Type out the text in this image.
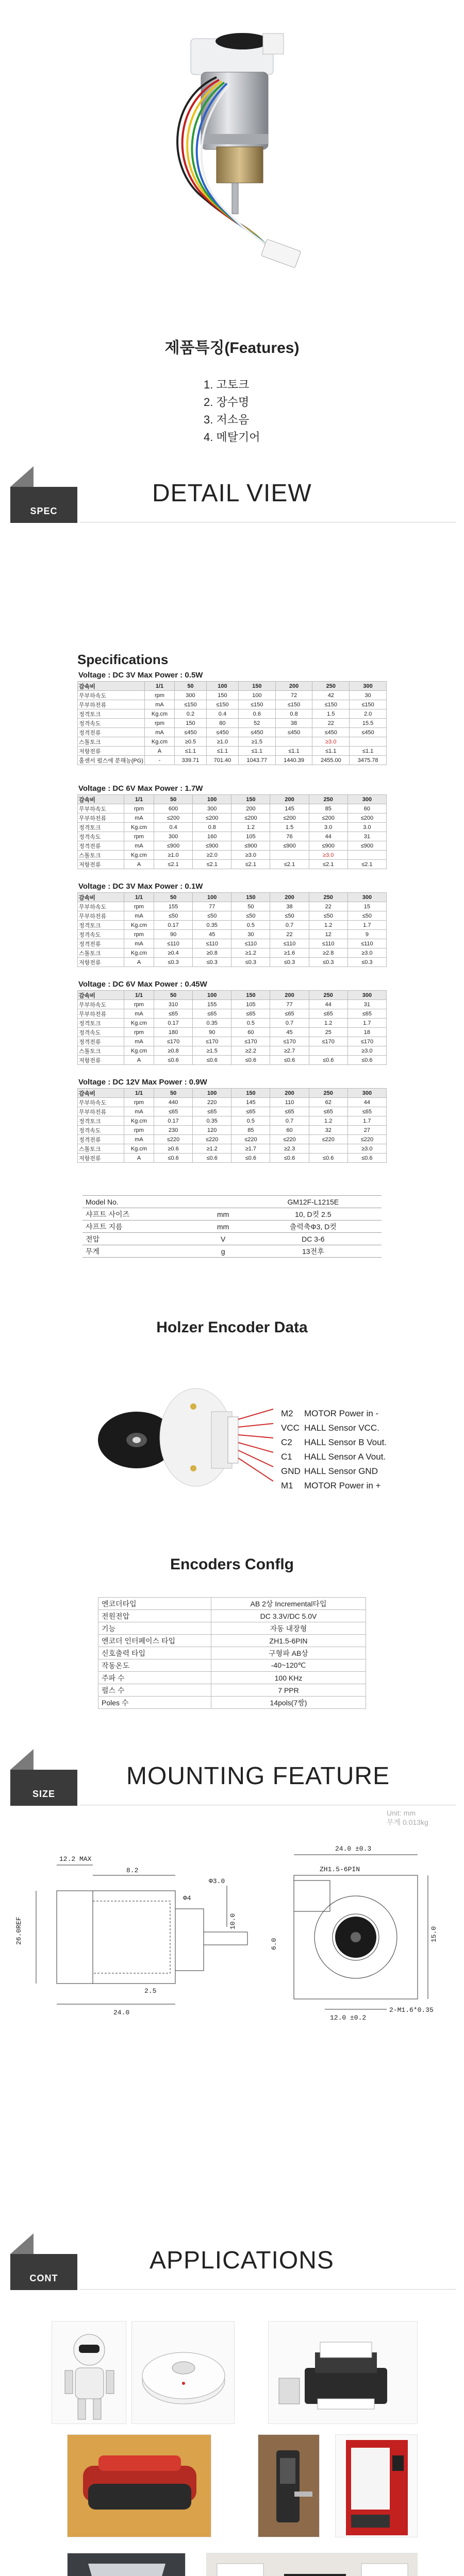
제품특징(Features)
1. 고토크
2. 장수명
3. 저소음
4. 메탈기어
SPEC
DETAIL VIEW
Specifications
Voltage : DC 3V Max Power : 0.5W
감속비	1/1	50	100	150	200	250	300
무부하속도	rpm	300	150	100	72	42	30
무부하전류	mA	≤150	≤150	≤150	≤150	≤150	≤150
정격토크	Kg.cm	0.2	0.4	0.6	0.8	1.5	2.0
정격속도	rpm	150	80	52	38	22	15.5
정격전류	mA	≤450	≤450	≤450	≤450	≤450	≤450
스톨토크	Kg.cm	≥0.5	≥1.0	≥1.5		≥3.0	
저항전류	A	≤1.1	≤1.1	≤1.1	≤1.1	≤1.1	≤1.1
홀센서 펄스에 분해능(PG)	-	339.71	701.40	1043.77	1440.39	2455.00	3475.78
Voltage : DC 6V Max Power : 1.7W
감속비	1/1	50	100	150	200	250	300
무부하속도	rpm	600	300	200	145	85	60
무부하전류	mA	≤200	≤200	≤200	≤200	≤200	≤200
정격토크	Kg.cm	0.4	0.8	1.2	1.5	3.0	3.0
정격속도	rpm	300	160	105	76	44	31
정격전류	mA	≤900	≤900	≤900	≤900	≤900	≤900
스톨토크	Kg.cm	≥1.0	≥2.0	≥3.0		≥3.0	
저항전류	A	≤2.1	≤2.1	≤2.1	≤2.1	≤2.1	≤2.1
Voltage : DC 3V Max Power : 0.1W
감속비	1/1	50	100	150	200	250	300
무부하속도	rpm	155	77	50	38	22	15
무부하전류	mA	≤50	≤50	≤50	≤50	≤50	≤50
정격토크	Kg.cm	0.17	0.35	0.5	0.7	1.2	1.7
정격속도	rpm	90	45	30	22	12	9
정격전류	mA	≤110	≤110	≤110	≤110	≤110	≤110
스톨토크	Kg.cm	≥0.4	≥0.8	≥1.2	≥1.6	≥2.8	≥3.0
저항전류	A	≤0.3	≤0.3	≤0.3	≤0.3	≤0.3	≤0.3
Voltage : DC 6V Max Power : 0.45W
감속비	1/1	50	100	150	200	250	300
무부하속도	rpm	310	155	105	77	44	31
무부하전류	mA	≤65	≤65	≤65	≤65	≤65	≤65
정격토크	Kg.cm	0.17	0.35	0.5	0.7	1.2	1.7
정격속도	rpm	180	90	60	45	25	18
정격전류	mA	≤170	≤170	≤170	≤170	≤170	≤170
스톨토크	Kg.cm	≥0.8	≥1.5	≥2.2	≥2.7		≥3.0
저항전류	A	≤0.6	≤0.6	≤0.6	≤0.6	≤0.6	≤0.6
Voltage : DC 12V Max Power : 0.9W
감속비	1/1	50	100	150	200	250	300
무부하속도	rpm	440	220	145	110	62	44
무부하전류	mA	≤65	≤65	≤65	≤65	≤65	≤65
정격토크	Kg.cm	0.17	0.35	0.5	0.7	1.2	1.7
정격속도	rpm	230	120	85	60	32	27
정격전류	mA	≤220	≤220	≤220	≤220	≤220	≤220
스톨토크	Kg.cm	≥0.6	≥1.2	≥1.7	≥2.3		≥3.0
저항전류	A	≤0.6	≤0.6	≤0.6	≤0.6	≤0.6	≤0.6
Model No.		GM12F-L1215E
샤프트 사이즈	mm	10, D컷 2.5
샤프트 지름	mm	출력축Φ3, D컷
전압	V	DC 3-6
무게	g	13전후
Holzer Encoder Data
M2 MOTOR Power in -
VCC HALL Sensor VCC.
C2 HALL Sensor B Vout.
C1 HALL Sensor A Vout.
GND HALL Sensor GND
M1 MOTOR Power in +
Encoders Conflg
엔코더타입	AB 2상 Incremental타입
전원전압	DC 3.3V/DC 5.0V
기능	자동 내장형
엔코더 인터페이스 타입	ZH1.5-6PIN
신호출력 타입	구형파 AB상
작동온도	-40~120℃
주파 수	100 KHz
펄스 수	7 PPR
Poles 수	14pols(7쌍)
SIZE
MOUNTING FEATURE
Unit: mm
무게 0.013kg
12.2 MAX
8.2
24.0
26.0REF
Φ3.0
10.0
Φ4
2.5
24.0 ±0.3
ZH1.5-6PIN
12.0 ±0.2
2-M1.6*0.35
15.0
6.0
CONT
APPLICATIONS
